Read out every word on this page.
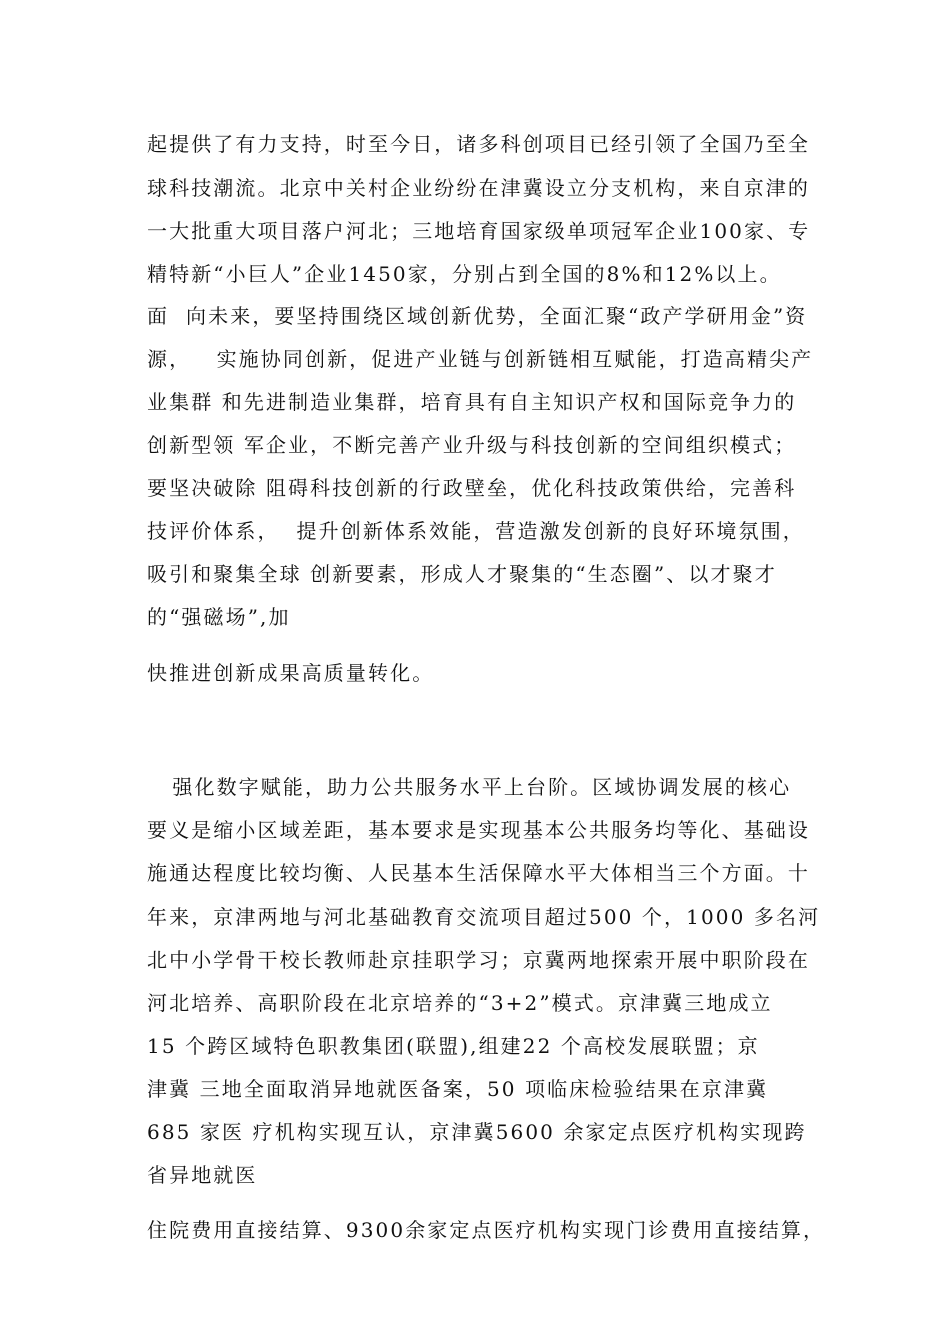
起提供了有力支持，时至今日，诸多科创项目已经引领了全国乃至全
球科技潮流。北京中关村企业纷纷在津冀设立分支机构，来自京津的
一大批重大项目落户河北；三地培育国家级单项冠军企业100家、专
精特新“小巨人”企业1450家，分别占到全国的8%和12%以上。
面  向未来，要坚持围绕区域创新优势，全面汇聚“政产学研用金”资
源，   实施协同创新，促进产业链与创新链相互赋能，打造高精尖产
业集群 和先进制造业集群，培育具有自主知识产权和国际竞争力的
创新型领 军企业，不断完善产业升级与科技创新的空间组织模式；
要坚决破除 阻碍科技创新的行政壁垒，优化科技政策供给，完善科
技评价体系，  提升创新体系效能，营造激发创新的良好环境氛围，
吸引和聚集全球 创新要素，形成人才聚集的“生态圈”、以才聚才
的“强磁场”,加
快推进创新成果高质量转化。
强化数字赋能，助力公共服务水平上台阶。区域协调发展的核心
要义是缩小区域差距，基本要求是实现基本公共服务均等化、基础设
施通达程度比较均衡、人民基本生活保障水平大体相当三个方面。十
年来，京津两地与河北基础教育交流项目超过500 个，1000 多名河
北中小学骨干校长教师赴京挂职学习；京冀两地探索开展中职阶段在
河北培养、高职阶段在北京培养的“3+2”模式。京津冀三地成立
15 个跨区域特色职教集团(联盟),组建22 个高校发展联盟；京
津冀 三地全面取消异地就医备案，50 项临床检验结果在京津冀
685 家医 疗机构实现互认，京津冀5600 余家定点医疗机构实现跨
省异地就医
住院费用直接结算、9300余家定点医疗机构实现门诊费用直接结算，
